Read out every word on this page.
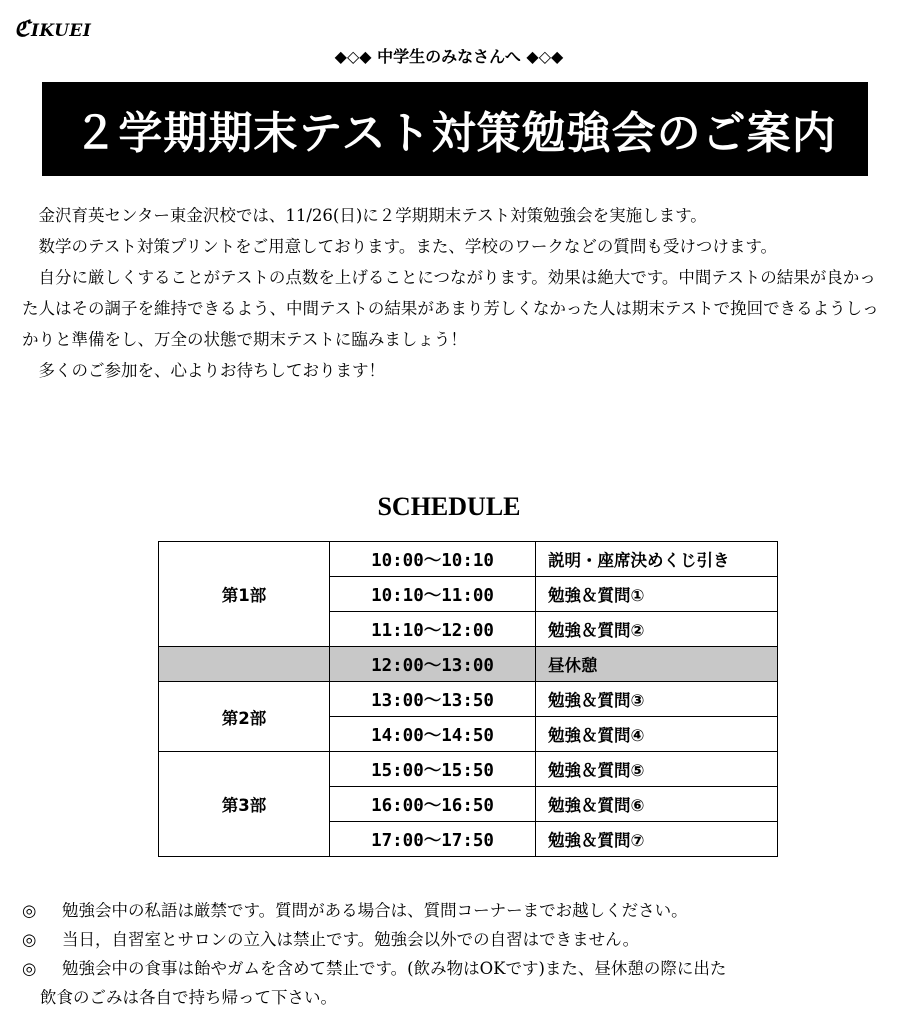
ℭIKUEI
◆◇◆ 中学生のみなさんへ ◆◇◆
２学期期末テスト対策勉強会のご案内

金沢育英センター東金沢校では、11/26(日)に２学期期末テスト対策勉強会を実施します。

数学のテスト対策プリントをご用意しております。また、学校のワークなどの質問も受けつけます。

自分に厳しくすることがテストの点数を上げることにつながります。効果は絶大です。中間テストの結果が良かった人はその調子を維持できるよう、中間テストの結果があまり芳しくなかった人は期末テストで挽回できるようしっかりと準備をし、万全の状態で期末テストに臨みましょう！

多くのご参加を、心よりお待ちしております！

SCHEDULE
第1部	10:00〜10:10	説明・座席決めくじ引き
	10:10〜11:00	勉強＆質問①
	11:10〜12:00	勉強＆質問②
	12:00〜13:00	昼休憩
第2部	13:00〜13:50	勉強＆質問③
	14:00〜14:50	勉強＆質問④
第3部	15:00〜15:50	勉強＆質問⑤
	16:00〜16:50	勉強＆質問⑥
	17:00〜17:50	勉強＆質問⑦
◎	勉強会中の私語は厳禁です。質問がある場合は、質問コーナーまでお越しください。
◎	当日，自習室とサロンの立入は禁止です。勉強会以外での自習はできません。
◎	勉強会中の食事は飴やガムを含めて禁止です。(飲み物はOKです)また、昼休憩の際に出た
飲食のごみは各自で持ち帰って下さい。
